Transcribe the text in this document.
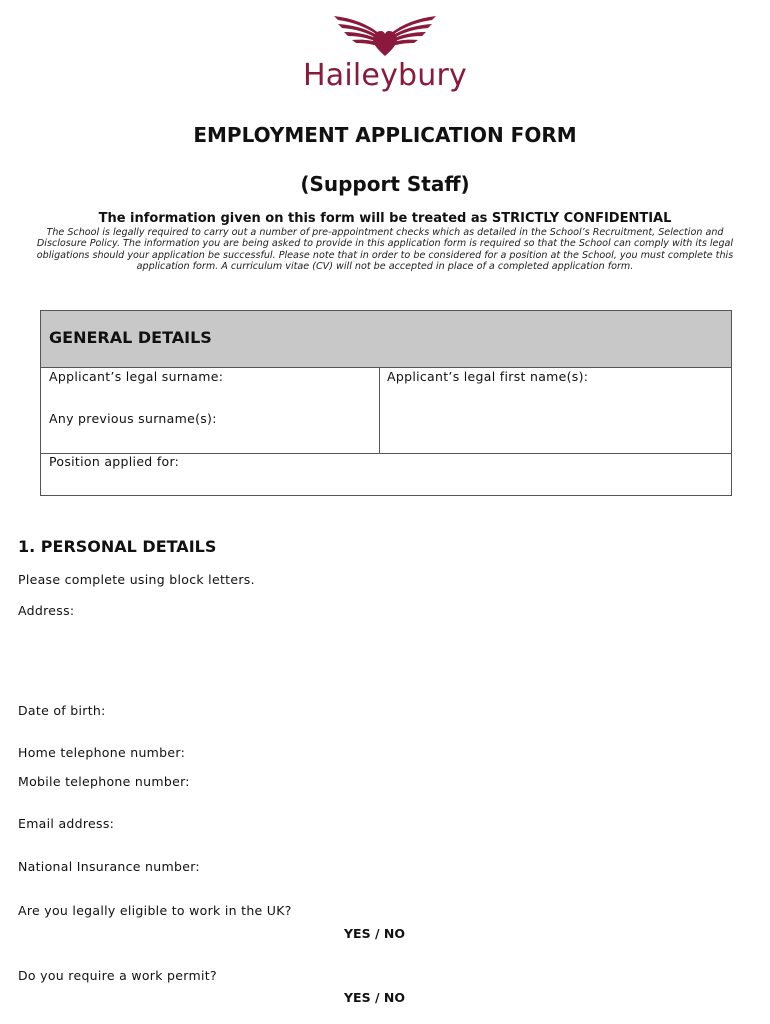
Haileybury
EMPLOYMENT APPLICATION FORM
(Support Staff)
The information given on this form will be treated as STRICTLY CONFIDENTIAL
The School is legally required to carry out a number of pre-appointment checks which as detailed in the School’s Recruitment, Selection and Disclosure Policy. The information you are being asked to provide in this application form is required so that the School can comply with its legal obligations should your application be successful. Please note that in order to be considered for a position at the School, you must complete this application form. A curriculum vitae (CV) will not be accepted in place of a completed application form.
GENERAL DETAILS
Applicant’s legal surname:	Applicant’s legal first name(s):
Any previous surname(s):
Position applied for:
1. PERSONAL DETAILS
Please complete using block letters.
Address:
Date of birth:
Home telephone number:
Mobile telephone number:
Email address:
National Insurance number:
Are you legally eligible to work in the UK?
YES / NO
Do you require a work permit?
YES / NO
